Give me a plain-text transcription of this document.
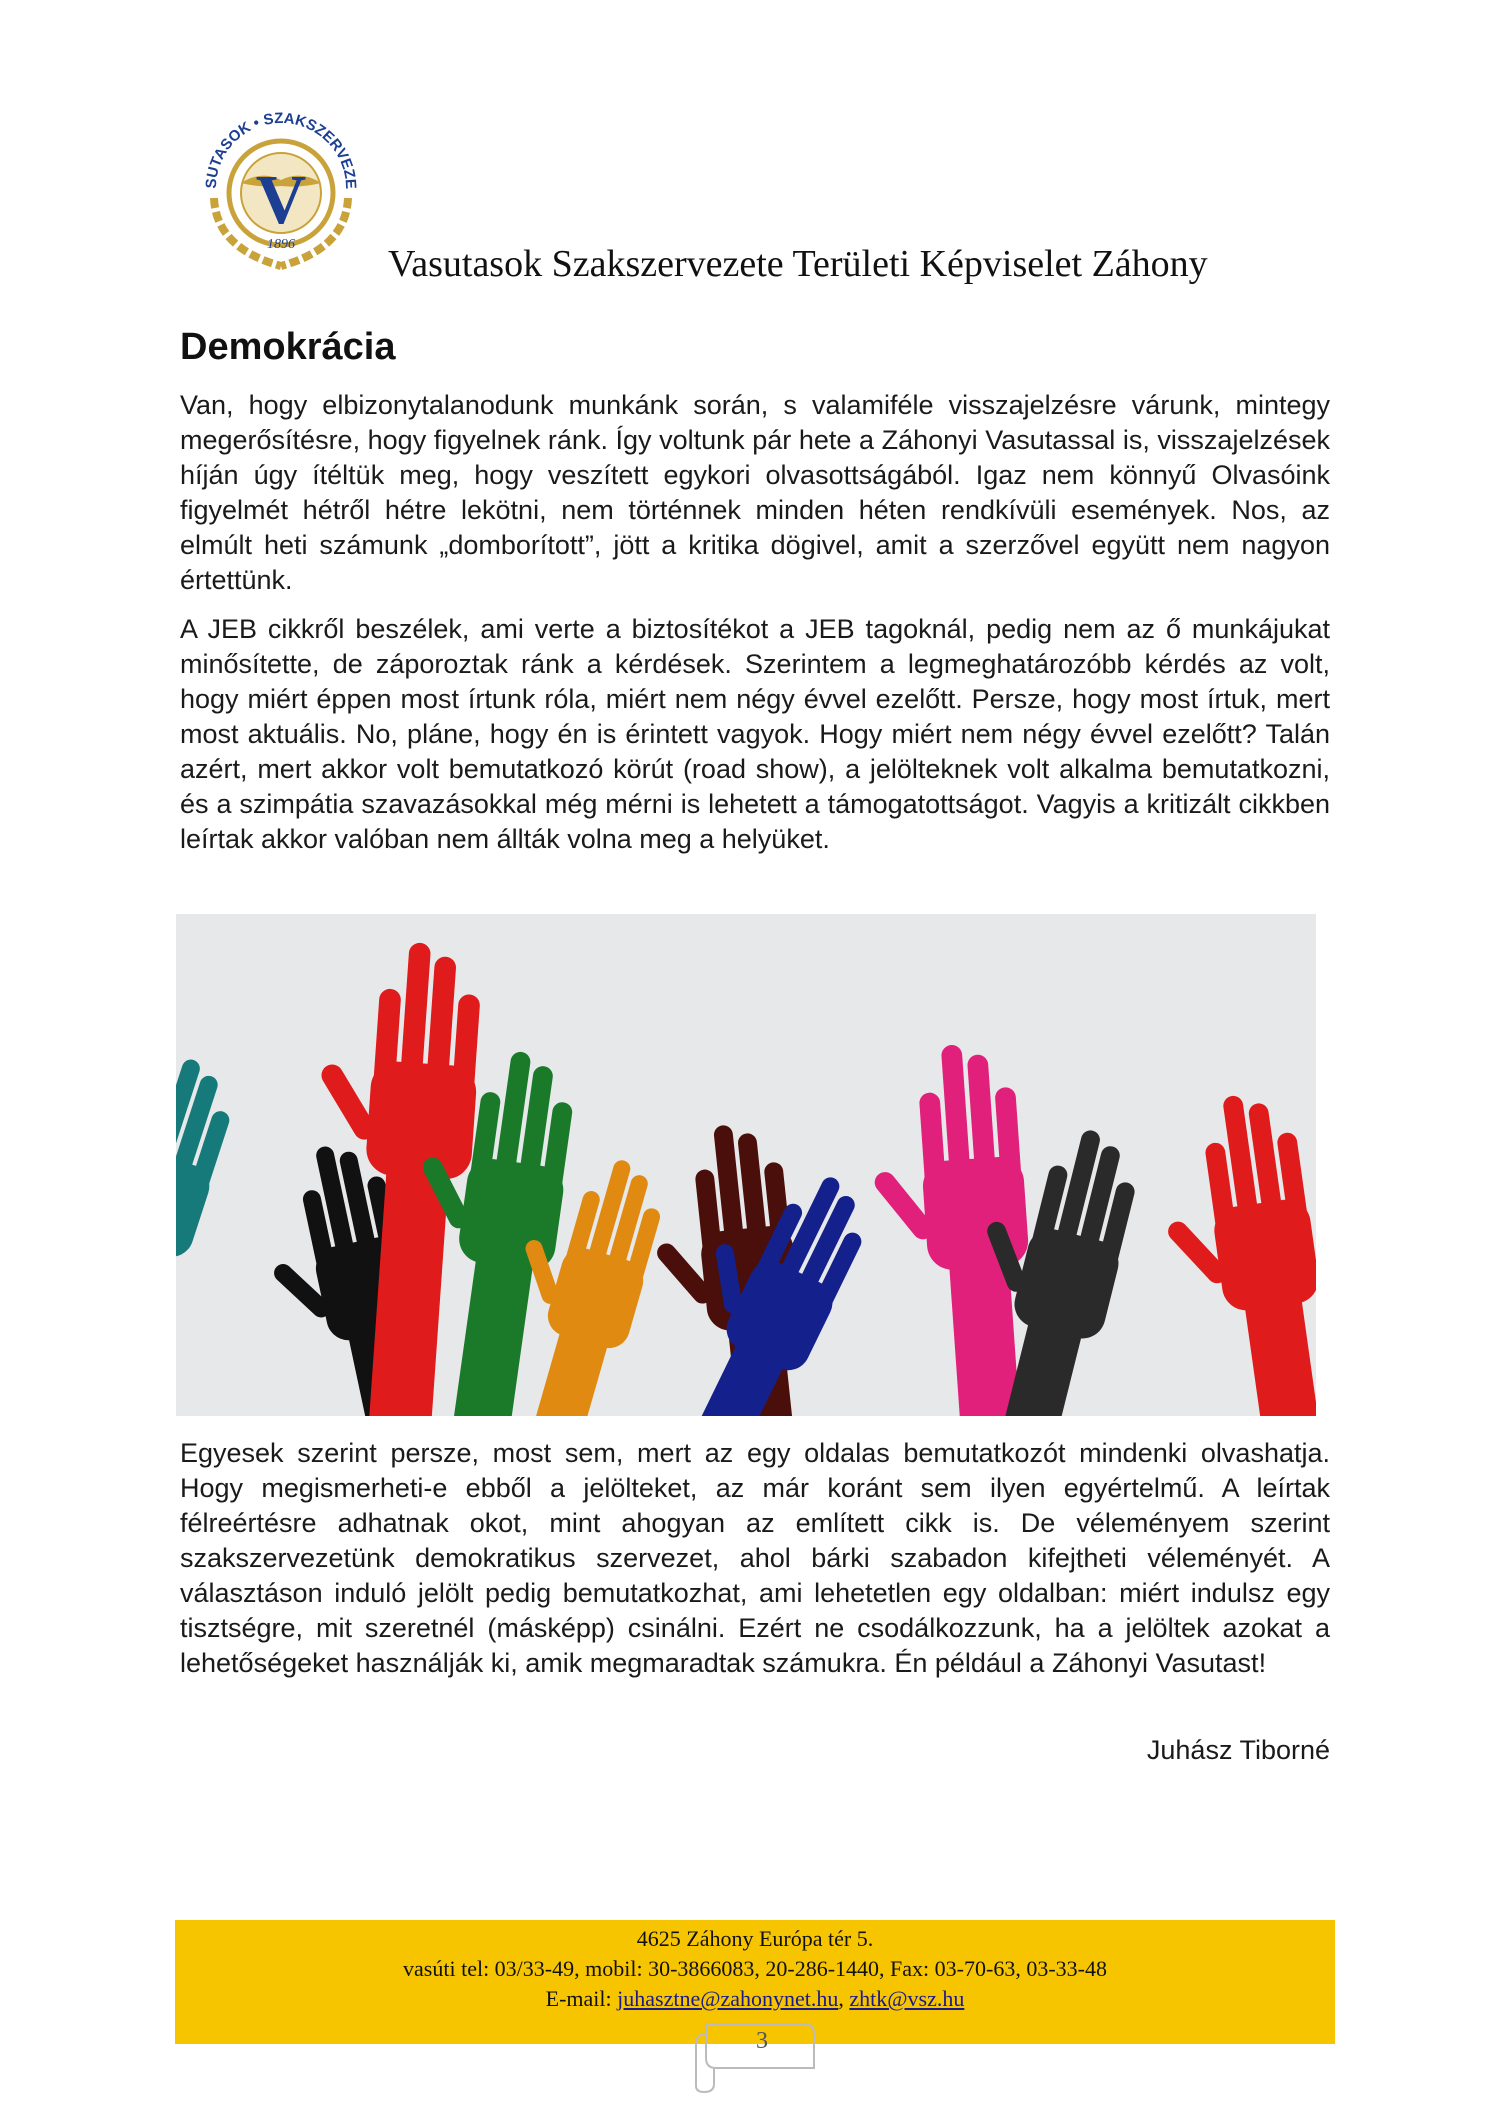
V
SUTASOK • SZAKSZERVEZE
1896 Vasutasok Szakszervezete Területi Képviselet Záhony
Demokrácia

Van, hogy elbizonytalanodunk munkánk során, s valamiféle visszajelzésre várunk, mintegy megerősítésre, hogy figyelnek ránk. Így voltunk pár hete a Záhonyi Vasutassal is, visszajelzések híján úgy ítéltük meg, hogy veszített egykori olvasottságából. Igaz nem könnyű Olvasóink figyelmét hétről hétre lekötni, nem történnek minden héten rendkívüli események. Nos, az elmúlt heti számunk „domborított”, jött a kritika dögivel, amit a szerzővel együtt nem nagyon értettünk.

A JEB cikkről beszélek, ami verte a biztosítékot a JEB tagoknál, pedig nem az ő munkájukat minősítette, de záporoztak ránk a kérdések. Szerintem a legmeghatározóbb kérdés az volt, hogy miért éppen most írtunk róla, miért nem négy évvel ezelőtt. Persze, hogy most írtuk, mert most aktuális. No, pláne, hogy én is érintett vagyok. Hogy miért nem négy évvel ezelőtt? Talán azért, mert akkor volt bemutatkozó körút (road show), a jelölteknek volt alkalma bemutatkozni, és a szimpátia szavazásokkal még mérni is lehetett a támogatottságot. Vagyis a kritizált cikkben leírtak akkor valóban nem állták volna meg a helyüket.

Egyesek szerint persze, most sem, mert az egy oldalas bemutatkozót mindenki olvashatja. Hogy megismerheti-e ebből a jelölteket, az már koránt sem ilyen egyértelmű. A leírtak félreértésre adhatnak okot, mint ahogyan az említett cikk is. De véleményem szerint szakszervezetünk demokratikus szervezet, ahol bárki szabadon kifejtheti véleményét. A választáson induló jelölt pedig bemutatkozhat, ami lehetetlen egy oldalban: miért indulsz egy tisztségre, mit szeretnél (másképp) csinálni. Ezért ne csodálkozzunk, ha a jelöltek azokat a lehetőségeket használják ki, amik megmaradtak számukra. Én például a Záhonyi Vasutast!

Juhász Tiborné
4625 Záhony Európa tér 5.
vasúti tel: 03/33-49, mobil: 30-3866083, 20-286-1440, Fax: 03-70-63, 03-33-48
E-mail: juhasztne@zahonynet.hu, zhtk@vsz.hu
3
